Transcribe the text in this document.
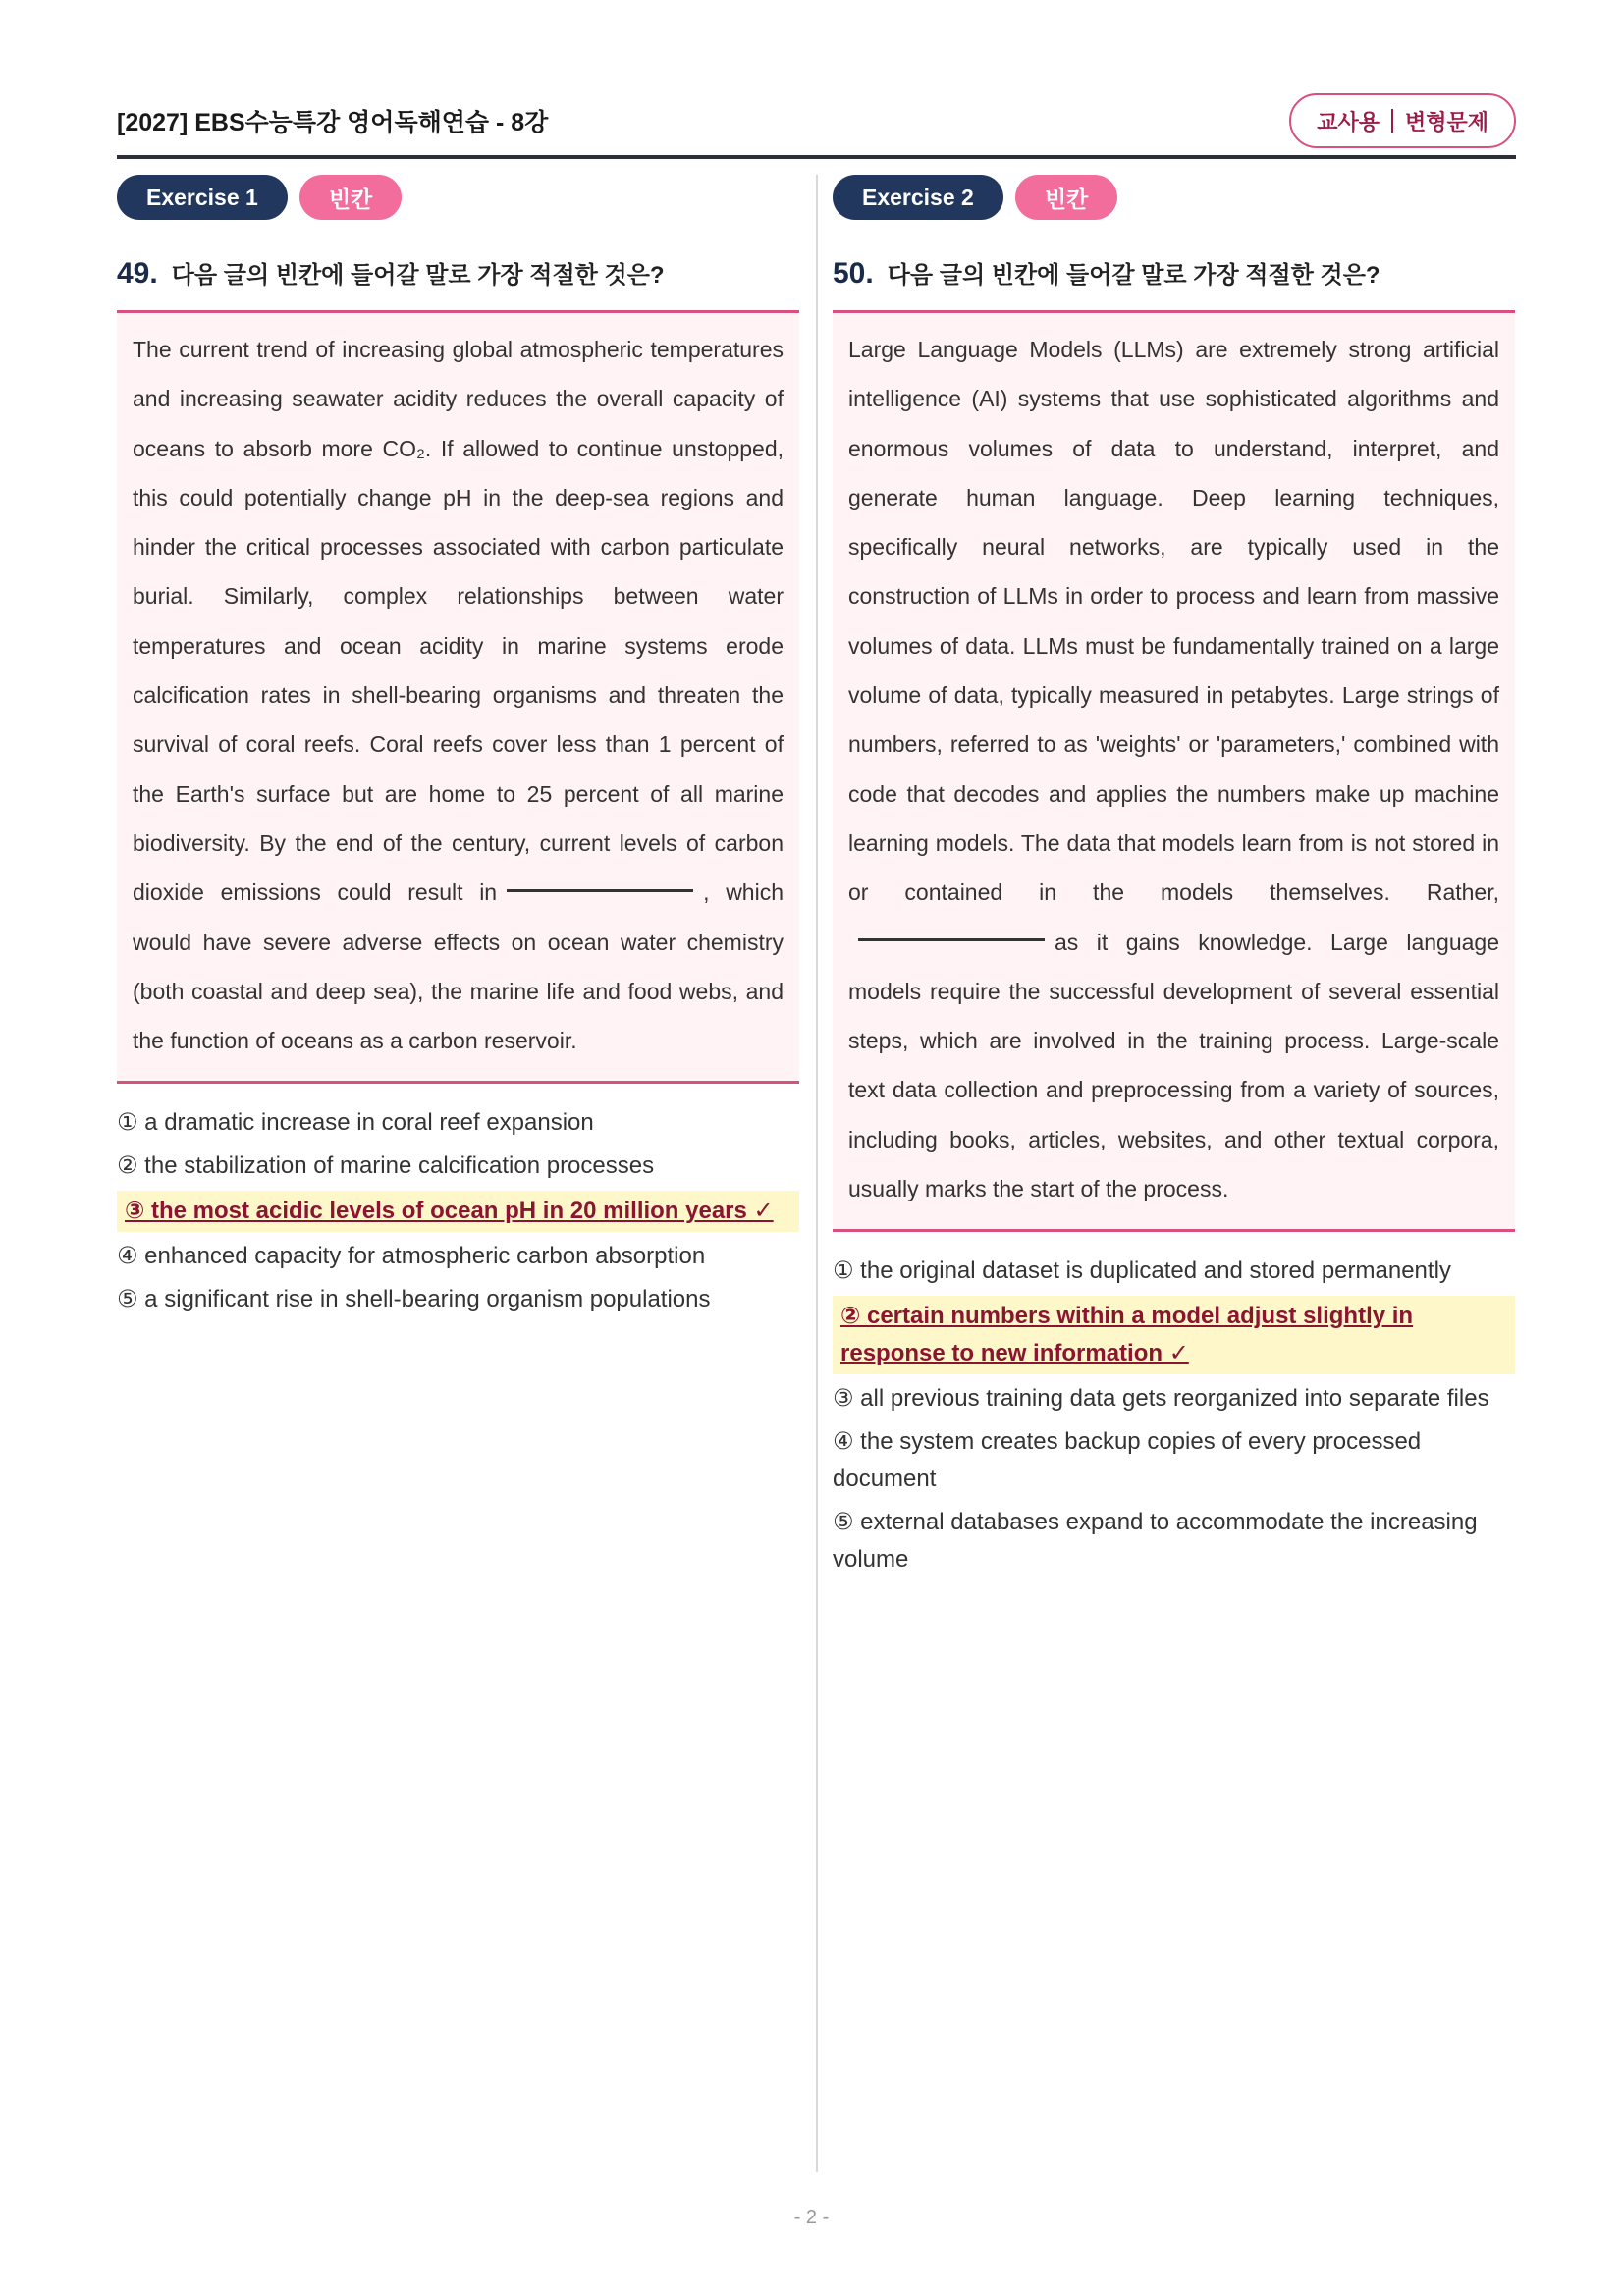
[2027] EBS수능특강 영어독해연습 - 8강	교사용 변형문제
Exercise 1	빈칸
49. 다음 글의 빈칸에 들어갈 말로 가장 적절한 것은?

The current trend of increasing global atmospheric temperatures and increasing seawater acidity reduces the overall capacity of oceans to absorb more CO₂. If allowed to continue unstopped, this could potentially change pH in the deep-sea regions and hinder the critical processes associated with carbon particulate burial. Similarly, complex relationships between water temperatures and ocean acidity in marine systems erode calcification rates in shell-bearing organisms and threaten the survival of coral reefs. Coral reefs cover less than 1 percent of the Earth's surface but are home to 25 percent of all marine biodiversity. By the end of the century, current levels of carbon dioxide emissions could result in	, which would have severe adverse effects on ocean water chemistry (both coastal and deep sea), the marine life and food webs, and the function of oceans as a carbon reservoir.

① a dramatic increase in coral reef expansion
② the stabilization of marine calcification processes
③ the most acidic levels of ocean pH in 20 million years ✓
④ enhanced capacity for atmospheric carbon absorption
⑤ a significant rise in shell-bearing organism populations
Exercise 2	빈칸
50. 다음 글의 빈칸에 들어갈 말로 가장 적절한 것은?

Large Language Models (LLMs) are extremely strong artificial intelligence (AI) systems that use sophisticated algorithms and enormous volumes of data to understand, interpret, and generate human language. Deep learning techniques, specifically neural networks, are typically used in the construction of LLMs in order to process and learn from massive volumes of data. LLMs must be fundamentally trained on a large volume of data, typically measured in petabytes. Large strings of numbers, referred to as 'weights' or 'parameters,' combined with code that decodes and applies the numbers make up machine learning models. The data that models learn from is not stored in or contained in the models themselves. Rather,as it gains knowledge. Large language models require the successful development of several essential steps, which are involved in the training process. Large-scale text data collection and preprocessing from a variety of sources, including books, articles, websites, and other textual corpora, usually marks the start of the process.

① the original dataset is duplicated and stored permanently
② certain numbers within a model adjust slightly in response to new information ✓
③ all previous training data gets reorganized into separate files
④ the system creates backup copies of every processed document
⑤ external databases expand to accommodate the increasing volume
- 2 -
